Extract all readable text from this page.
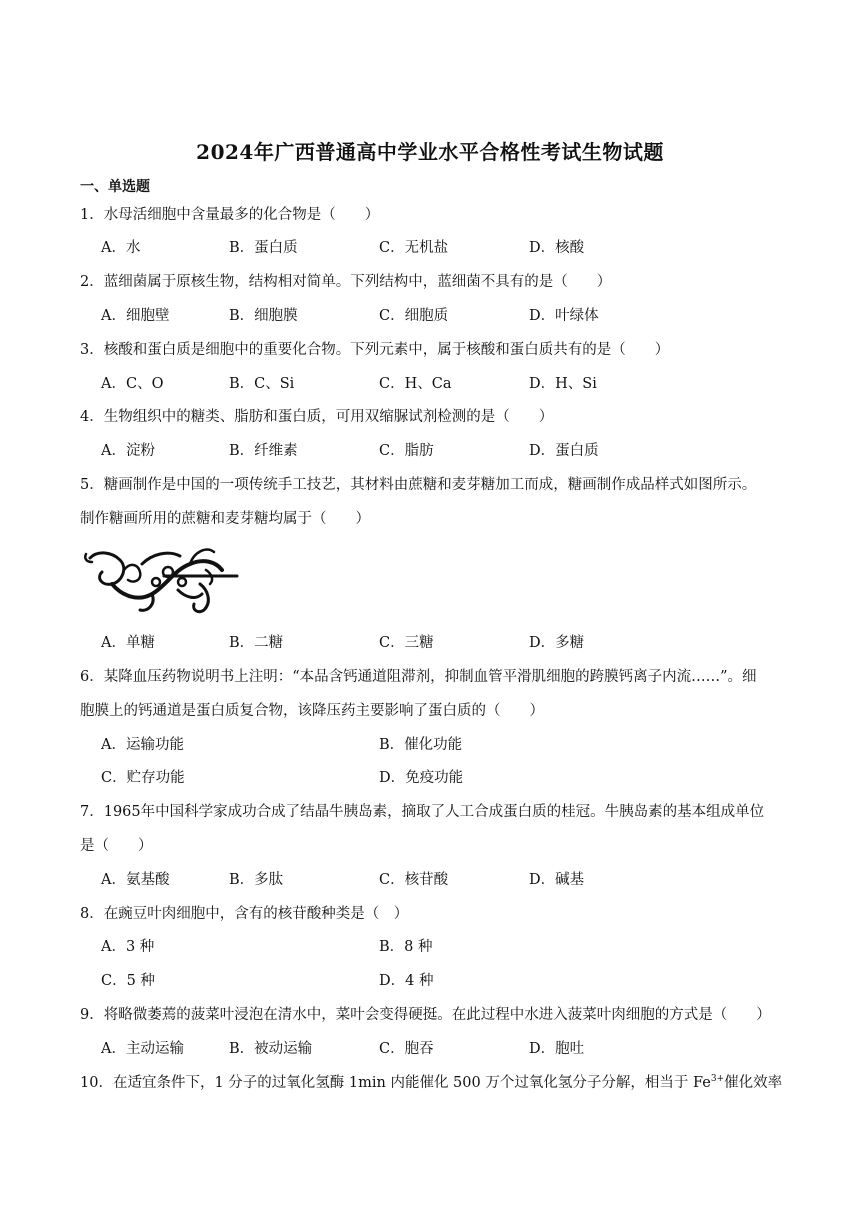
2024年广西普通高中学业水平合格性考试生物试题
一、单选题
1．水母活细胞中含量最多的化合物是（　　）
A．水	B．蛋白质	C．无机盐	D．核酸
2．蓝细菌属于原核生物，结构相对简单。下列结构中，蓝细菌不具有的是（　　）
A．细胞壁	B．细胞膜	C．细胞质	D．叶绿体
3．核酸和蛋白质是细胞中的重要化合物。下列元素中，属于核酸和蛋白质共有的是（　　）
A．C、O	B．C、Si	C．H、Ca	D．H、Si
4．生物组织中的糖类、脂肪和蛋白质，可用双缩脲试剂检测的是（　　）
A．淀粉	B．纤维素	C．脂肪	D．蛋白质
5．糖画制作是中国的一项传统手工技艺，其材料由蔗糖和麦芽糖加工而成，糖画制作成品样式如图所示。
制作糖画所用的蔗糖和麦芽糖均属于（　　）
A．单糖	B．二糖	C．三糖	D．多糖
6．某降血压药物说明书上注明：“本品含钙通道阻滞剂，抑制血管平滑肌细胞的跨膜钙离子内流……”。细
胞膜上的钙通道是蛋白质复合物，该降压药主要影响了蛋白质的（　　）
A．运输功能	B．催化功能
C．贮存功能	D．免疫功能
7．1965年中国科学家成功合成了结晶牛胰岛素，摘取了人工合成蛋白质的桂冠。牛胰岛素的基本组成单位
是（　　）
A．氨基酸	B．多肽	C．核苷酸	D．碱基
8．在豌豆叶肉细胞中，含有的核苷酸种类是（　）
A．3 种	B．8 种
C．5 种	D．4 种
9．将略微萎蔫的菠菜叶浸泡在清水中，菜叶会变得硬挺。在此过程中水进入菠菜叶肉细胞的方式是（　　）
A．主动运输	B．被动运输	C．胞吞	D．胞吐
10．在适宜条件下，1 分子的过氧化氢酶 1min 内能催化 500 万个过氧化氢分子分解，相当于 $Fe^{3+}$催化效率
